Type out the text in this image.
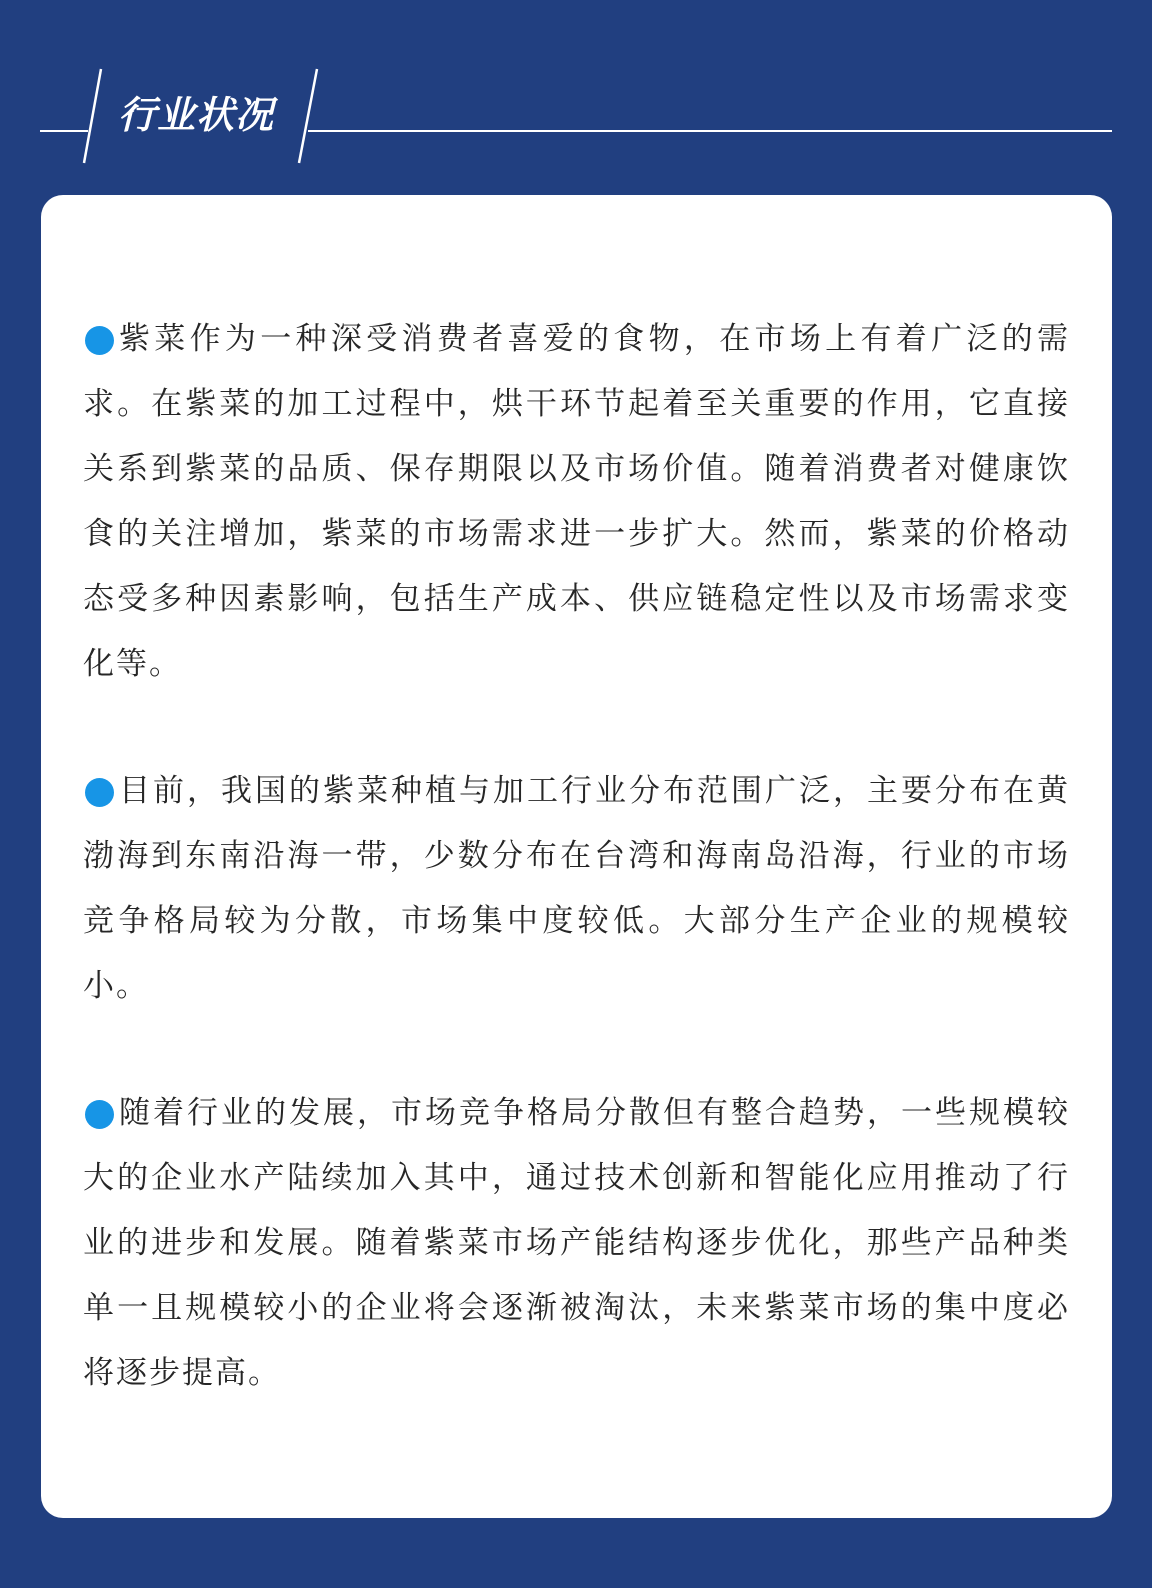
行业状况

紫菜作为一种深受消费者喜爱的食物，在市场上有着广泛的需求。在紫菜的加工过程中，烘干环节起着至关重要的作用，它直接关系到紫菜的品质、保存期限以及市场价值。随着消费者对健康饮食的关注增加，紫菜的市场需求进一步扩大。然而，紫菜的价格动态受多种因素影响，包括生产成本、供应链稳定性以及市场需求变化等。

目前，我国的紫菜种植与加工行业分布范围广泛，主要分布在黄渤海到东南沿海一带，少数分布在台湾和海南岛沿海，行业的市场竞争格局较为分散，市场集中度较低。大部分生产企业的规模较小。

随着行业的发展，市场竞争格局分散但有整合趋势，一些规模较大的企业水产陆续加入其中，通过技术创新和智能化应用推动了行业的进步和发展。随着紫菜市场产能结构逐步优化，那些产品种类单一且规模较小的企业将会逐渐被淘汰，未来紫菜市场的集中度必将逐步提高。
